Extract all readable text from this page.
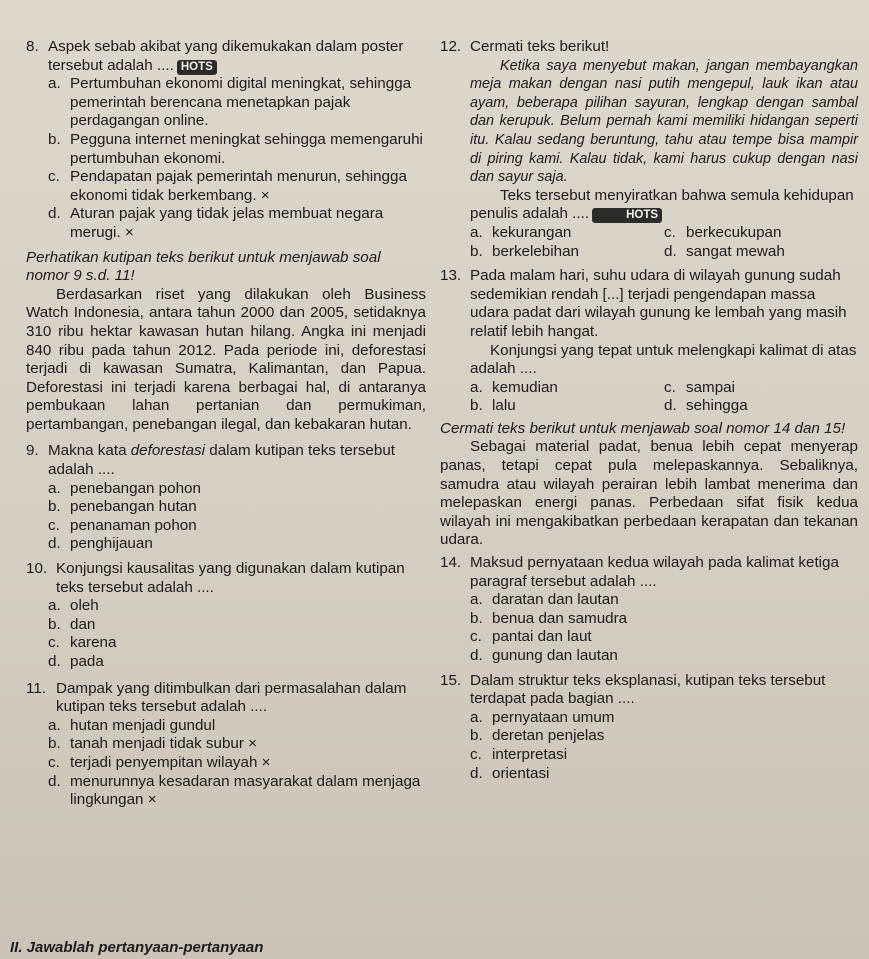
8. Aspek sebab akibat yang dikemukakan dalam poster tersebut adalah .... HOTS

a. Pertumbuhan ekonomi digital meningkat, sehingga pemerintah berencana menetapkan pajak perdagangan online.
b. Pegguna internet meningkat sehingga memengaruhi pertumbuhan ekonomi.
c. Pendapatan pajak pemerintah menurun, sehingga ekonomi tidak berkembang. ×
d. Aturan pajak yang tidak jelas membuat negara merugi. ×

Perhatikan kutipan teks berikut untuk menjawab soal nomor 9 s.d. 11!

Berdasarkan riset yang dilakukan oleh Business Watch Indonesia, antara tahun 2000 dan 2005, setidaknya 310 ribu hektar kawasan hutan hilang. Angka ini menjadi 840 ribu pada tahun 2012. Pada periode ini, deforestasi terjadi di kawasan Sumatra, Kalimantan, dan Papua. Deforestasi ini terjadi karena berbagai hal, di antaranya pembukaan lahan pertanian dan permukiman, pertambangan, penebangan ilegal, dan kebakaran hutan.

9. Makna kata deforestasi dalam kutipan teks tersebut adalah ....

a. penebangan pohon
b. penebangan hutan
c. penanaman pohon
d. penghijauan
10. Konjungsi kausalitas yang digunakan dalam kutipan teks tersebut adalah ....

a. oleh
b. dan
c. karena
d. pada
11. Dampak yang ditimbulkan dari permasalahan dalam kutipan teks tersebut adalah ....

a. hutan menjadi gundul
b. tanah menjadi tidak subur ×
c. terjadi penyempitan wilayah ×
d. menurunnya kesadaran masyarakat dalam menjaga lingkungan ×
12. Cermati teks berikut!

Ketika saya menyebut makan, jangan membayangkan meja makan dengan nasi putih mengepul, lauk ikan atau ayam, beberapa pilihan sayuran, lengkap dengan sambal dan kerupuk. Belum pernah kami memiliki hidangan seperti itu. Kalau sedang beruntung, tahu atau tempe bisa mampir di piring kami. Kalau tidak, kami harus cukup dengan nasi dan sayur saja.

Teks tersebut menyiratkan bahwa semula kehidupan penulis adalah ....	HOTS

a. kekurangan	c. berkecukupan
b. berkelebihan	d. sangat mewah
13. Pada malam hari, suhu udara di wilayah gunung sudah sedemikian rendah [...] terjadi pengendapan massa udara padat dari wilayah gunung ke lembah yang masih relatif lebih hangat.

Konjungsi yang tepat untuk melengkapi kalimat di atas adalah ....

a. kemudian	c. sampai
b. lalu	d. sehingga

Cermati teks berikut untuk menjawab soal nomor 14 dan 15!

Sebagai material padat, benua lebih cepat menyerap panas, tetapi cepat pula melepaskannya. Sebaliknya, samudra atau wilayah perairan lebih lambat menerima dan melepaskan energi panas. Perbedaan sifat fisik kedua wilayah ini mengakibatkan perbedaan kerapatan dan tekanan udara.

14. Maksud pernyataan kedua wilayah pada kalimat ketiga paragraf tersebut adalah ....

a. daratan dan lautan
b. benua dan samudra
c. pantai dan laut
d. gunung dan lautan
15. Dalam struktur teks eksplanasi, kutipan teks tersebut terdapat pada bagian ....

a. pernyataan umum
b. deretan penjelas
c. interpretasi
d. orientasi
II. Jawablah pertanyaan-pertanyaan
